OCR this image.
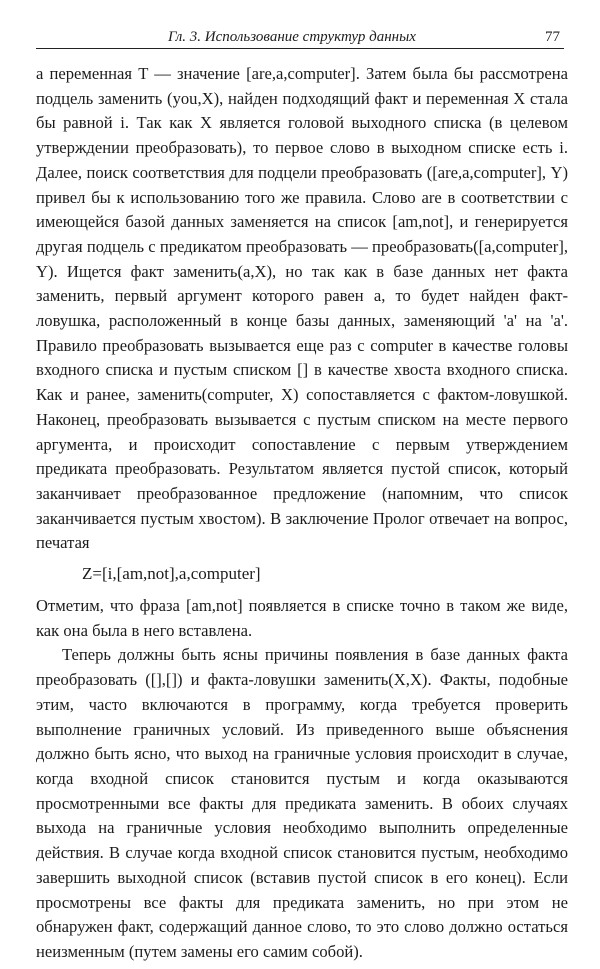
Гл. 3. Использование структур данных	77

а переменная T — значение [are,a,computer]. Затем была бы рассмотрена подцель заменить (you,X), найден подходящий факт и переменная X стала бы равной i. Так как X является головой выходного списка (в целевом утверждении преобразовать), то первое слово в выходном списке есть i. Далее, поиск соответствия для подцели преобразовать ([are,a,computer], Y) привел бы к использованию того же правила. Слово are в соответствии с имеющейся базой данных заменяется на список [am,not], и генерируется другая подцель с предикатом преобразовать — преобразовать([a,computer], Y). Ищется факт заменить(a,X), но так как в базе данных нет факта заменить, первый аргумент которого равен a, то будет найден факт-ловушка, расположенный в конце базы данных, заменяющий 'a' на 'a'. Правило преобразовать вызывается еще раз с computer в качестве головы входного списка и пустым списком [] в качестве хвоста входного списка. Как и ранее, заменить(computer, X) сопоставляется с фактом-ловушкой. Наконец, преобразовать вызывается с пустым списком на месте первого аргумента, и происходит сопоставление с первым утверждением предиката преобразовать. Результатом является пустой список, который заканчивает преобразованное предложение (напомним, что список заканчивается пустым хвостом). В заключение Пролог отвечает на вопрос, печатая

Z=[i,[am,not],a,computer]

Отметим, что фраза [am,not] появляется в списке точно в таком же виде, как она была в него вставлена.

Теперь должны быть ясны причины появления в базе данных факта преобразовать ([],[]) и факта-ловушки заменить(X,X). Факты, подобные этим, часто включаются в программу, когда требуется проверить выполнение граничных условий. Из приведенного выше объяснения должно быть ясно, что выход на граничные условия происходит в случае, когда входной список становится пустым и когда оказываются просмотренными все факты для предиката заменить. В обоих случаях выхода на граничные условия необходимо выполнить определенные действия. В случае когда входной список становится пустым, необходимо завершить выходной список (вставив пустой список в его конец). Если просмотрены все факты для предиката заменить, но при этом не обнаружен факт, содержащий данное слово, то это слово должно остаться неизменным (путем замены его самим собой).
